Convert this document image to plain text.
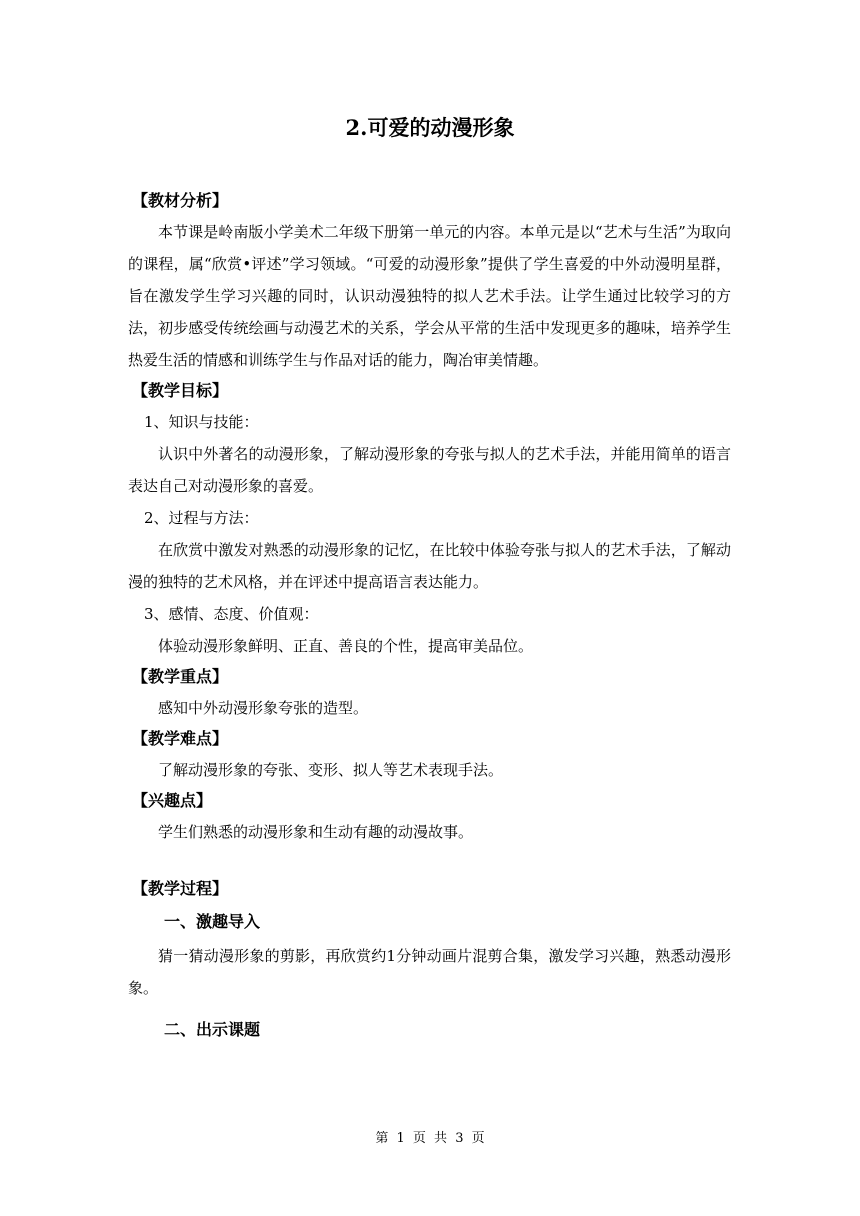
2.可爱的动漫形象

【教材分析】

本节课是岭南版小学美术二年级下册第一单元的内容。本单元是以“艺术与生活”为取向的课程，属“欣赏•评述”学习领域。“可爱的动漫形象”提供了学生喜爱的中外动漫明星群，旨在激发学生学习兴趣的同时，认识动漫独特的拟人艺术手法。让学生通过比较学习的方法，初步感受传统绘画与动漫艺术的关系，学会从平常的生活中发现更多的趣味，培养学生热爱生活的情感和训练学生与作品对话的能力，陶冶审美情趣。

【教学目标】

1、知识与技能：

认识中外著名的动漫形象，了解动漫形象的夸张与拟人的艺术手法，并能用简单的语言表达自己对动漫形象的喜爱。

2、过程与方法：

在欣赏中激发对熟悉的动漫形象的记忆，在比较中体验夸张与拟人的艺术手法，了解动漫的独特的艺术风格，并在评述中提高语言表达能力。

3、感情、态度、价值观：

体验动漫形象鲜明、正直、善良的个性，提高审美品位。

【教学重点】

感知中外动漫形象夸张的造型。

【教学难点】

了解动漫形象的夸张、变形、拟人等艺术表现手法。

【兴趣点】

学生们熟悉的动漫形象和生动有趣的动漫故事。

【教学过程】

一、激趣导入

猜一猜动漫形象的剪影，再欣赏约1分钟动画片混剪合集，激发学习兴趣，熟悉动漫形象。

二、出示课题

第 1 页 共 3 页
